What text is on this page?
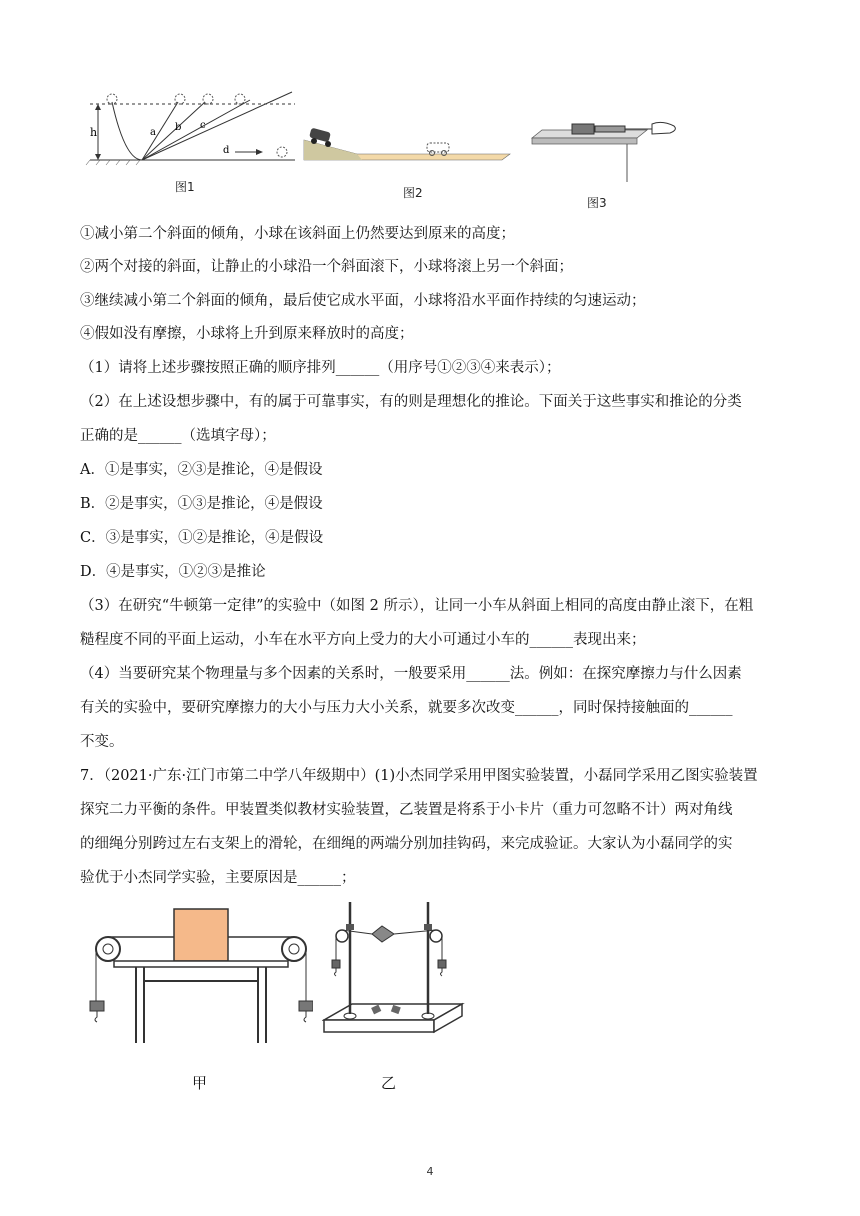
h	a b c
d
图1	图2
图3
①减小第二个斜面的倾角，小球在该斜面上仍然要达到原来的高度；
②两个对接的斜面，让静止的小球沿一个斜面滚下，小球将滚上另一个斜面；
③继续减小第二个斜面的倾角，最后使它成水平面，小球将沿水平面作持续的匀速运动；
④假如没有摩擦，小球将上升到原来释放时的高度；
（1）请将上述步骤按照正确的顺序排列______（用序号①②③④来表示）；
（2）在上述设想步骤中，有的属于可靠事实，有的则是理想化的推论。下面关于这些事实和推论的分类
正确的是______（选填字母）；
A．①是事实，②③是推论，④是假设
B．②是事实，①③是推论，④是假设
C．③是事实，①②是推论，④是假设
D．④是事实，①②③是推论
（3）在研究“牛顿第一定律”的实验中（如图 2 所示），让同一小车从斜面上相同的高度由静止滚下，在粗
糙程度不同的平面上运动，小车在水平方向上受力的大小可通过小车的______表现出来；
（4）当要研究某个物理量与多个因素的关系时，一般要采用______法。例如：在探究摩擦力与什么因素
有关的实验中，要研究摩擦力的大小与压力大小关系，就要多次改变______，同时保持接触面的______
不变。
7．（2021·广东·江门市第二中学八年级期中）(1)小杰同学采用甲图实验装置，小磊同学采用乙图实验装置
探究二力平衡的条件。甲装置类似教材实验装置，乙装置是将系于小卡片（重力可忽略不计）两对角线
的细绳分别跨过左右支架上的滑轮，在细绳的两端分别加挂钩码，来完成验证。大家认为小磊同学的实
验优于小杰同学实验，主要原因是______；
甲	乙
4
